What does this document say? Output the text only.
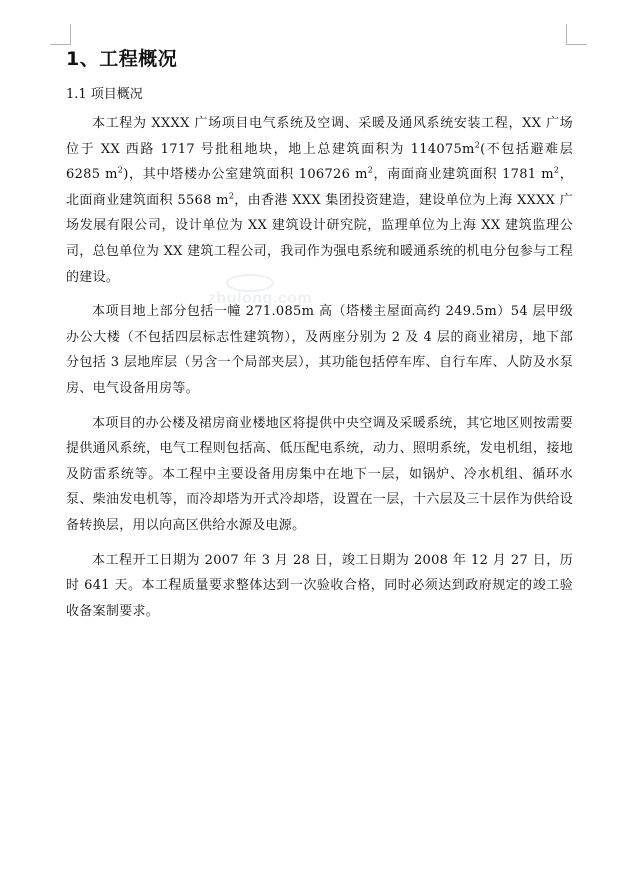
zhulong.com
1、工程概况
1.1 项目概况

本工程为 XXXX 广场项目电气系统及空调、采暖及通风系统安装工程，XX 广场位于 XX 西路 1717 号批租地块，地上总建筑面积为 $114075m^2$(不包括避难层 6285 $m^2$)，其中塔楼办公室建筑面积 106726 $m^2$，南面商业建筑面积 1781 $m^2$，北面商业建筑面积 5568 $m^2$，由香港 XXX 集团投资建造，建设单位为上海 XXXX 广场发展有限公司，设计单位为 XX 建筑设计研究院，监理单位为上海 XX 建筑监理公司，总包单位为 XX 建筑工程公司，我司作为强电系统和暖通系统的机电分包参与工程的建设。

本项目地上部分包括一幢 271.085m 高（塔楼主屋面高约 249.5m）54 层甲级办公大楼（不包括四层标志性建筑物），及两座分别为 2 及 4 层的商业裙房，地下部分包括 3 层地库层（另含一个局部夹层），其功能包括停车库、自行车库、人防及水泵房、电气设备用房等。

本项目的办公楼及裙房商业楼地区将提供中央空调及采暖系统，其它地区则按需要提供通风系统，电气工程则包括高、低压配电系统，动力、照明系统，发电机组，接地及防雷系统等。本工程中主要设备用房集中在地下一层，如锅炉、冷水机组、循环水泵、柴油发电机等，而冷却塔为开式冷却塔，设置在一层，十六层及三十层作为供给设备转换层，用以向高区供给水源及电源。

本工程开工日期为 2007 年 3 月 28 日，竣工日期为 2008 年 12 月 27 日，历时 641 天。本工程质量要求整体达到一次验收合格，同时必须达到政府规定的竣工验收备案制要求。
